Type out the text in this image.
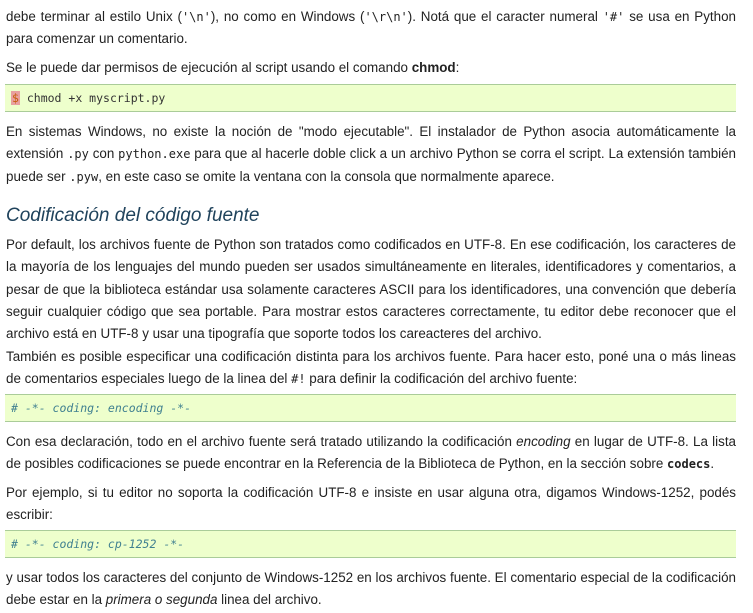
debe terminar al estilo Unix ('\n'), no como en Windows ('\r\n'). Notá que el caracter numeral '#' se usa en Python para comenzar un comentario.

Se le puede dar permisos de ejecución al script usando el comando chmod:

$ chmod +x myscript.py

En sistemas Windows, no existe la noción de "modo ejecutable". El instalador de Python asocia automáticamente la extensión .py con python.exe para que al hacerle doble click a un archivo Python se corra el script. La extensión también puede ser .pyw, en este caso se omite la ventana con la consola que normalmente aparece.

Codificación del código fuente

Por default, los archivos fuente de Python son tratados como codificados en UTF-8. En ese codificación, los caracteres de la mayoría de los lenguajes del mundo pueden ser usados simultáneamente en literales, identificadores y comentarios, a pesar de que la biblioteca estándar usa solamente caracteres ASCII para los identificadores, una convención que debería seguir cualquier código que sea portable. Para mostrar estos caracteres correctamente, tu editor debe reconocer que el archivo está en UTF-8 y usar una tipografía que soporte todos los careacteres del archivo.

También es posible especificar una codificación distinta para los archivos fuente. Para hacer esto, poné una o más lineas de comentarios especiales luego de la linea del #! para definir la codificación del archivo fuente:

# -*- coding: encoding -*-

Con esa declaración, todo en el archivo fuente será tratado utilizando la codificación encoding en lugar de UTF-8. La lista de posibles codificaciones se puede encontrar en la Referencia de la Biblioteca de Python, en la sección sobre codecs.

Por ejemplo, si tu editor no soporta la codificación UTF-8 e insiste en usar alguna otra, digamos Windows-1252, podés escribir:

# -*- coding: cp-1252 -*-

y usar todos los caracteres del conjunto de Windows-1252 en los archivos fuente. El comentario especial de la codificación debe estar en la primera o segunda linea del archivo.
